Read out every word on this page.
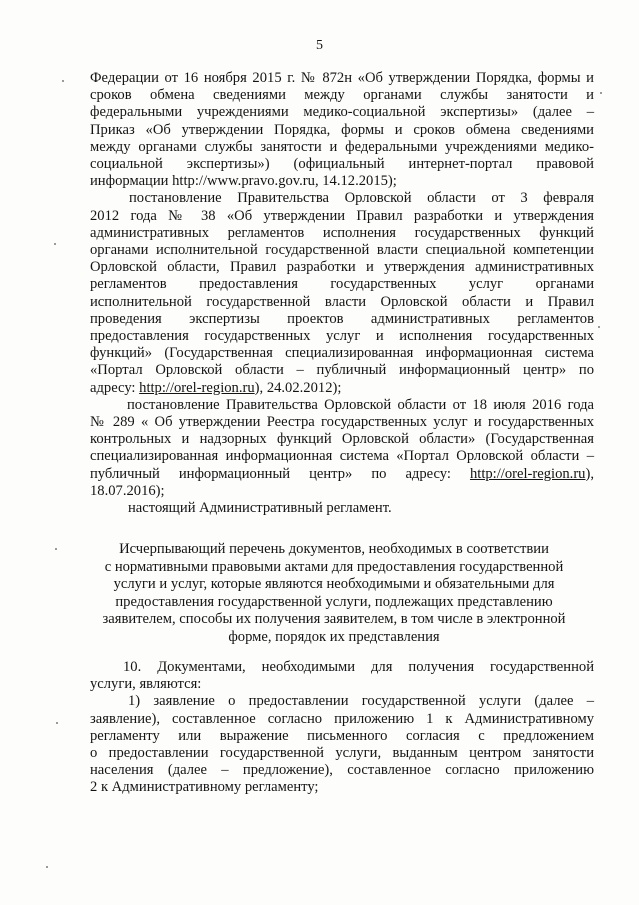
5
Федерации от 16 ноября 2015 г. № 872н «Об утверждении Порядка, формы и
сроков обмена сведениями между органами службы занятости и
федеральными учреждениями медико-социальной экспертизы» (далее –
Приказ «Об утверждении Порядка, формы и сроков обмена сведениями
между органами службы занятости и федеральными учреждениями медико-
социальной экспертизы») (официальный интернет-портал правовой
информации http://www.pravo.gov.ru, 14.12.2015);
постановление Правительства Орловской области от 3 февраля
2012 года № 38 «Об утверждении Правил разработки и утверждения
административных регламентов исполнения государственных функций
органами исполнительной государственной власти специальной компетенции
Орловской области, Правил разработки и утверждения административных
регламентов предоставления государственных услуг органами
исполнительной государственной власти Орловской области и Правил
проведения экспертизы проектов административных регламентов
предоставления государственных услуг и исполнения государственных
функций» (Государственная специализированная информационная система
«Портал Орловской области – публичный информационный центр» по
адресу: http://orel-region.ru), 24.02.2012);
постановление Правительства Орловской области от 18 июля 2016 года
№ 289 « Об утверждении Реестра государственных услуг и государственных
контрольных и надзорных функций Орловской области» (Государственная
специализированная информационная система «Портал Орловской области –
публичный информационный центр» по адресу: http://orel-region.ru),
18.07.2016);
настоящий Административный регламент.
Исчерпывающий перечень документов, необходимых в соответствии
с нормативными правовыми актами для предоставления государственной
услуги и услуг, которые являются необходимыми и обязательными для
предоставления государственной услуги, подлежащих представлению
заявителем, способы их получения заявителем, в том числе в электронной
форме, порядок их представления
10. Документами, необходимыми для получения государственной
услуги, являются:
1) заявление о предоставлении государственной услуги (далее –
заявление), составленное согласно приложению 1 к Административному
регламенту или выражение письменного согласия с предложением
о предоставлении государственной услуги, выданным центром занятости
населения (далее – предложение), составленное согласно приложению
2 к Административному регламенту;
